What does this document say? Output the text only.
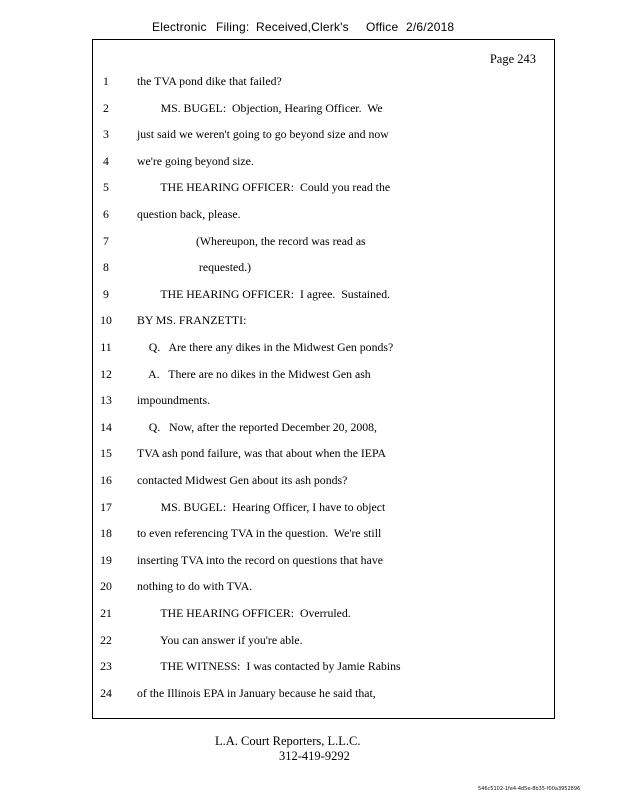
Electronic Filing: Received,Clerk's Office 2/6/2018
Page 243
1	the TVA pond dike that failed?
2	MS. BUGEL:  Objection, Hearing Officer.  We
3	just said we weren't going to go beyond size and now
4	we're going beyond size.
5	THE HEARING OFFICER:  Could you read the
6	question back, please.
7	(Whereupon, the record was read as
8	requested.)
9	THE HEARING OFFICER:  I agree.  Sustained.
10	BY MS. FRANZETTI:
11	Q.   Are there any dikes in the Midwest Gen ponds?
12	A.   There are no dikes in the Midwest Gen ash
13	impoundments.
14	Q.   Now, after the reported December 20, 2008,
15	TVA ash pond failure, was that about when the IEPA
16	contacted Midwest Gen about its ash ponds?
17	MS. BUGEL:  Hearing Officer, I have to object
18	to even referencing TVA in the question.  We're still
19	inserting TVA into the record on questions that have
20	nothing to do with TVA.
21	THE HEARING OFFICER:  Overruled.
22	You can answer if you're able.
23	THE WITNESS:  I was contacted by Jamie Rabins
24	of the Illinois EPA in January because he said that,
L.A. Court Reporters, L.L.C.
312-419-9292
546c5102-1fe4-4d5e-8b35-f00a3952896
